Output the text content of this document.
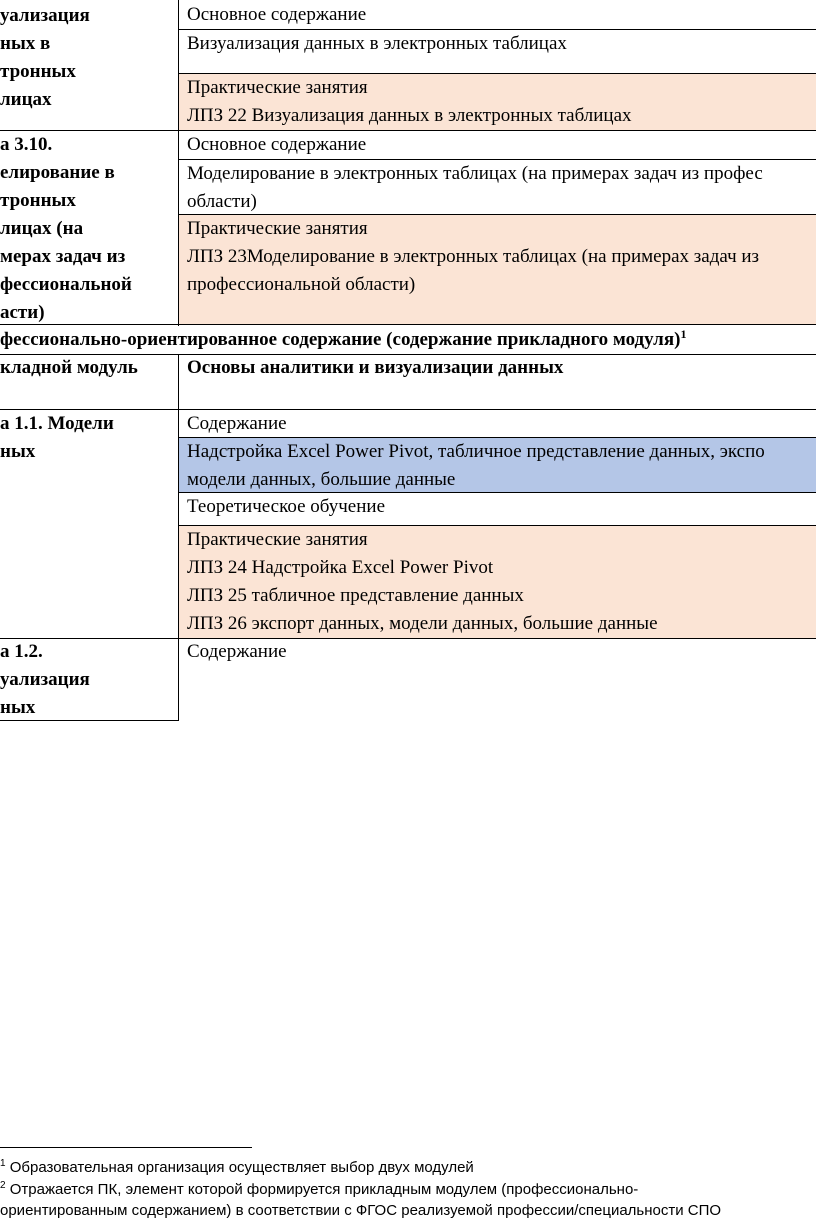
уализация
ных в
тронных
лицах
Основное содержание
Визуализация данных в электронных таблицах
Практические занятия
ЛПЗ 22 Визуализация данных в электронных таблицах
а 3.10.
елирование в
тронных
лицах (на
мерах задач из
фессиональной
асти)
Основное содержание
Моделирование в электронных таблицах (на примерах задач из профес
области)
Практические занятия
ЛПЗ 23Моделирование в электронных таблицах (на примерах задач из
профессиональной области)
фессионально-ориентированное содержание (содержание прикладного модуля)$^1$
кладной модуль	Основы аналитики и визуализации данных
а 1.1. Модели
ных
Содержание
Надстройка Excel Power Pivot, табличное представление данных, экспо
модели данных, большие данные
Теоретическое обучение
Практические занятия
ЛПЗ 24 Надстройка Excel Power Pivot
ЛПЗ 25 табличное представление данных
ЛПЗ 26 экспорт данных, модели данных, большие данные
а 1.2.
уализация
ных
Содержание
$^1$ Образовательная организация осуществляет выбор двух модулей
$^2$ Отражается ПК, элемент которой формируется прикладным модулем (профессионально-
ориентированным содержанием) в соответствии с ФГОС реализуемой профессии/специальности СПО
